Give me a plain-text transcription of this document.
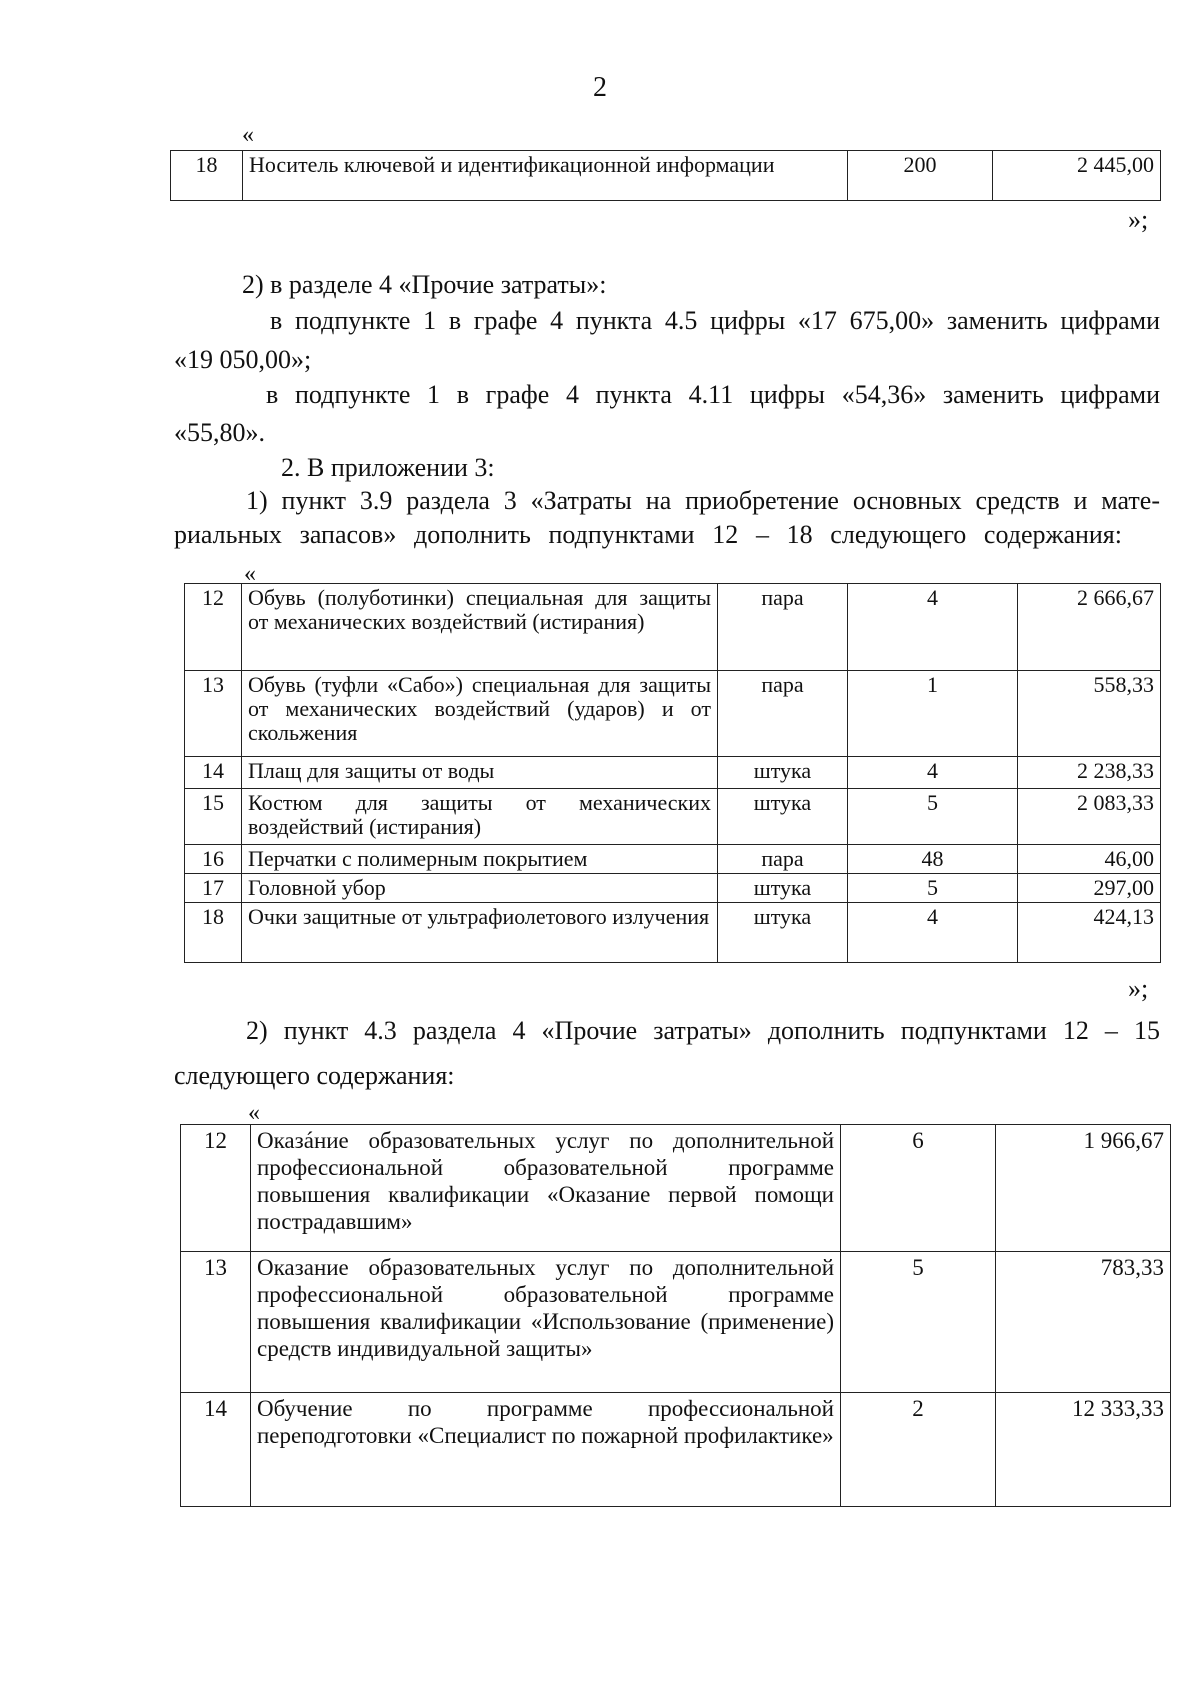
2
«
18	Носитель ключевой и идентификационной информации	200	2 445,00
»;
2) в разделе 4 «Прочие затраты»:
в подпункте 1 в графе 4 пункта 4.5 цифры «17 675,00» заменить цифрами
«19 050,00»;
в подпункте 1 в графе 4 пункта 4.11 цифры «54,36» заменить цифрами
«55,80».
2. В приложении 3:
1) пункт 3.9 раздела 3 «Затраты на приобретение основных средств и мате-
риальных запасов» дополнить подпунктами 12 – 18 следующего содержания:
«
12	Обувь (полуботинки) специальная для защиты от механических воздействий (истирания)	пара	4	2 666,67
13	Обувь (туфли «Сабо») специальная для защиты от механических воздействий (ударов) и от скольжения	пара	1	558,33
14	Плащ для защиты от воды	штука	4	2 238,33
15	Костюм для защиты от механических воздействий (истирания)	штука	5	2 083,33
16	Перчатки с полимерным покрытием	пара	48	46,00
17	Головной убор	штука	5	297,00
18	Очки защитные от ультрафиолетового излучения	штука	4	424,13
»;
2) пункт 4.3 раздела 4 «Прочие затраты» дополнить подпунктами 12 – 15
следующего содержания:
«
12	Оказáние образовательных услуг по дополнительной профессиональной образовательной программе повышения квалификации «Оказание первой помощи пострадавшим»	6	1 966,67
13	Оказание образовательных услуг по дополнительной профессиональной образовательной программе повышения квалификации «Использование (применение) средств индивидуальной защиты»	5	783,33
14	Обучение по программе профессиональной переподготовки «Специалист по пожарной профилактике»	2	12 333,33
